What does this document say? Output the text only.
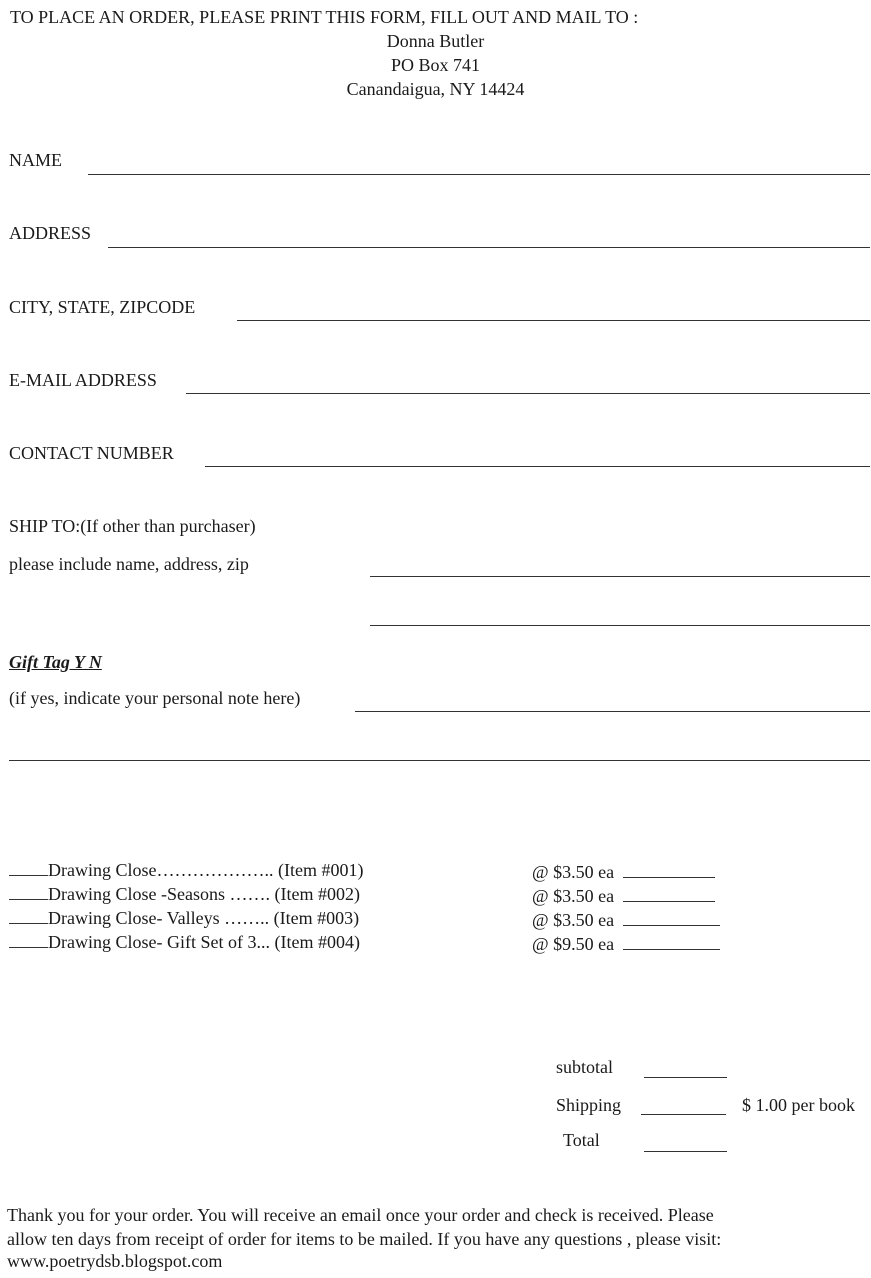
TO PLACE AN ORDER, PLEASE PRINT THIS FORM, FILL OUT AND MAIL TO :
Donna Butler
PO Box 741
Canandaigua, NY 14424
NAME
ADDRESS
CITY, STATE, ZIPCODE
E-MAIL ADDRESS
CONTACT NUMBER
SHIP TO:(If other than purchaser)
please include name, address, zip
Gift Tag Y N
(if yes, indicate your personal note here)
Drawing Close……………….. (Item #001)	@ $3.50 ea
Drawing Close -Seasons ……. (Item #002)	@ $3.50 ea
Drawing Close- Valleys …….. (Item #003)	@ $3.50 ea
Drawing Close- Gift Set of 3... (Item #004)	@ $9.50 ea
subtotal
Shipping	$ 1.00 per book
Total
Thank you for your order. You will receive an email once your order and check is received. Please
allow ten days from receipt of order for items to be mailed. If you have any questions , please visit:
www.poetrydsb.blogspot.com
